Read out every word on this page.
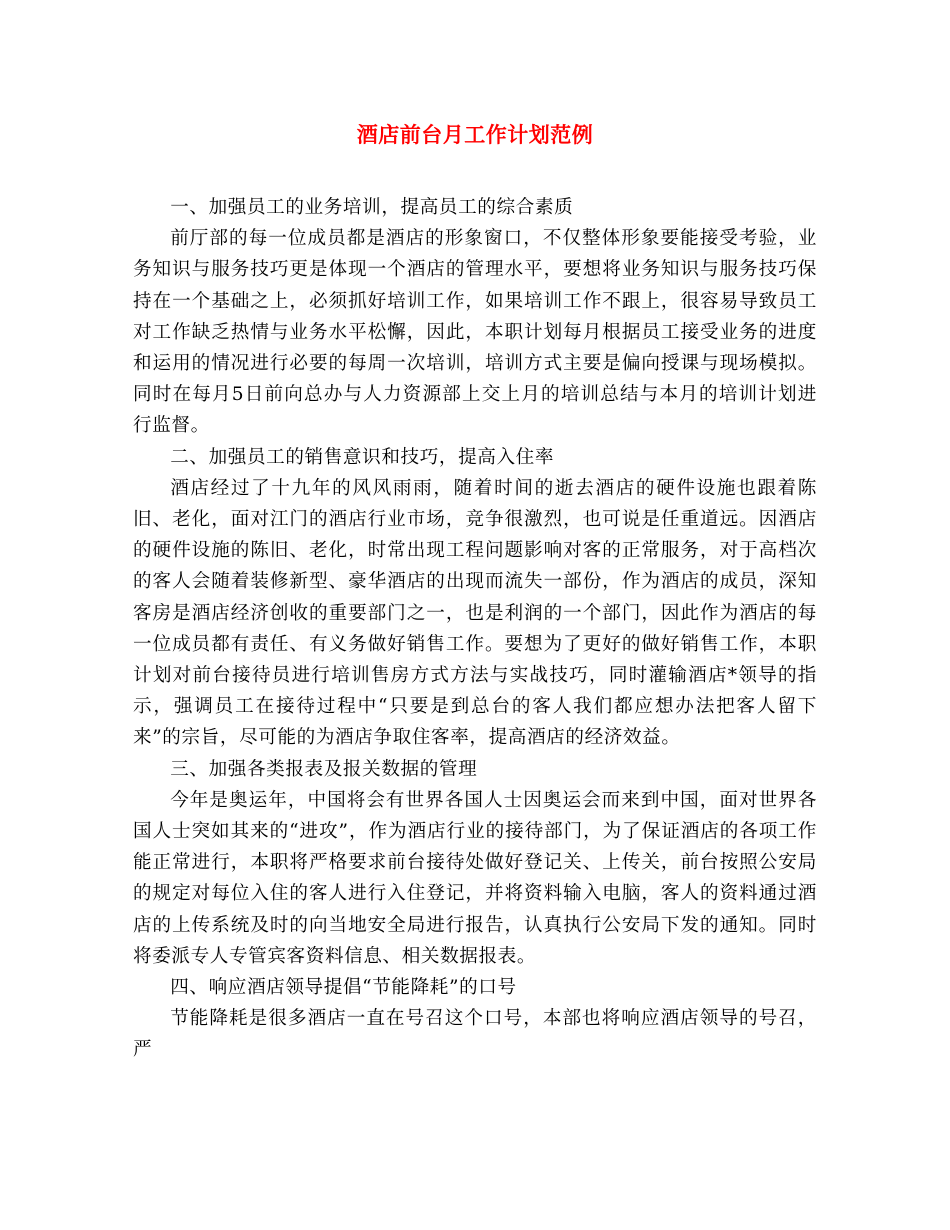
酒店前台月工作计划范例

一、加强员工的业务培训，提高员工的综合素质

前厅部的每一位成员都是酒店的形象窗口，不仅整体形象要能接受考验，业务知识与服务技巧更是体现一个酒店的管理水平，要想将业务知识与服务技巧保持在一个基础之上，必须抓好培训工作，如果培训工作不跟上，很容易导致员工对工作缺乏热情与业务水平松懈，因此，本职计划每月根据员工接受业务的进度和运用的情况进行必要的每周一次培训，培训方式主要是偏向授课与现场模拟。同时在每月5日前向总办与人力资源部上交上月的培训总结与本月的培训计划进行监督。

二、加强员工的销售意识和技巧，提高入住率

酒店经过了十九年的风风雨雨，随着时间的逝去酒店的硬件设施也跟着陈旧、老化，面对江门的酒店行业市场，竞争很激烈，也可说是任重道远。因酒店的硬件设施的陈旧、老化，时常出现工程问题影响对客的正常服务，对于高档次的客人会随着装修新型、豪华酒店的出现而流失一部份，作为酒店的成员，深知客房是酒店经济创收的重要部门之一，也是利润的一个部门，因此作为酒店的每一位成员都有责任、有义务做好销售工作。要想为了更好的做好销售工作，本职计划对前台接待员进行培训售房方式方法与实战技巧，同时灌输酒店*领导的指示，强调员工在接待过程中“只要是到总台的客人我们都应想办法把客人留下来”的宗旨，尽可能的为酒店争取住客率，提高酒店的经济效益。

三、加强各类报表及报关数据的管理

今年是奥运年，中国将会有世界各国人士因奥运会而来到中国，面对世界各国人士突如其来的“进攻”，作为酒店行业的接待部门，为了保证酒店的各项工作能正常进行，本职将严格要求前台接待处做好登记关、上传关，前台按照公安局的规定对每位入住的客人进行入住登记，并将资料输入电脑，客人的资料通过酒店的上传系统及时的向当地安全局进行报告，认真执行公安局下发的通知。同时将委派专人专管宾客资料信息、相关数据报表。

四、响应酒店领导提倡“节能降耗”的口号

节能降耗是很多酒店一直在号召这个口号，本部也将响应酒店领导的号召，严
